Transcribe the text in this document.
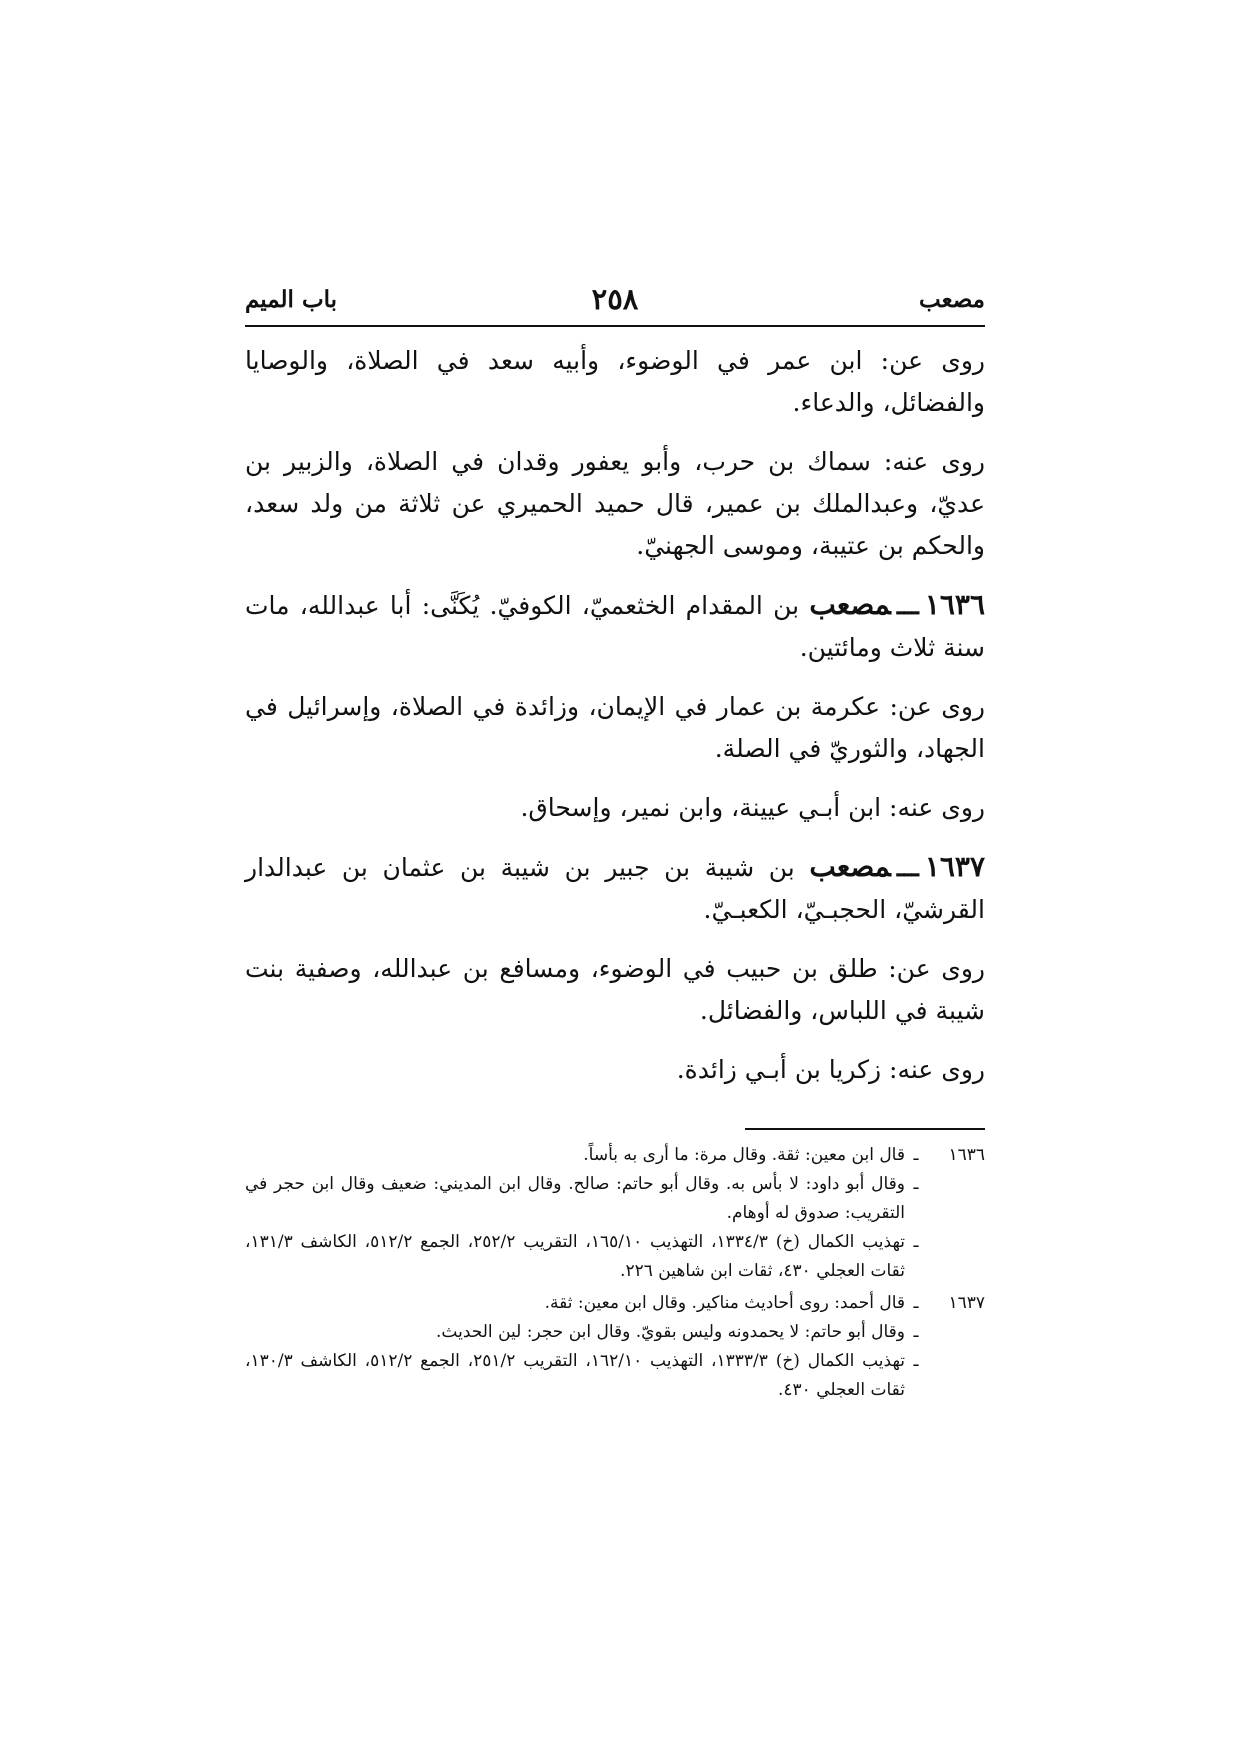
مصعب
٢٥٨
باب الميم

روى عن: ابن عمر في الوضوء، وأبيه سعد في الصلاة، والوصايا والفضائل، والدعاء.

روى عنه: سماك بن حرب، وأبو يعفور وقدان في الصلاة، والزبير بن عديّ، وعبدالملك بن عمير، قال حميد الحميري عن ثلاثة من ولد سعد، والحكم بن عتيبة، وموسى الجهنيّ.

١٦٣٦ـــمصعب بن المقدام الخثعميّ، الكوفيّ. يُكَنَّى: أبا عبدالله، مات سنة ثلاث ومائتين.

روى عن: عكرمة بن عمار في الإيمان، وزائدة في الصلاة، وإسرائيل في الجهاد، والثوريّ في الصلة.

روى عنه: ابن أبـي عيينة، وابن نمير، وإسحاق.

١٦٣٧ـــمصعب بن شيبة بن جبير بن شيبة بن عثمان بن عبدالدار القرشيّ، الحجبـيّ، الكعبـيّ.

روى عن: طلق بن حبيب في الوضوء، ومسافع بن عبدالله، وصفية بنت شيبة في اللباس، والفضائل.

روى عنه: زكريا بن أبـي زائدة.

١٦٣٦
ـ
قال ابن معين: ثقة. وقال مرة: ما أرى به بأساً.
ـ
وقال أبو داود: لا بأس به. وقال أبو حاتم: صالح. وقال ابن المديني: ضعيف وقال ابن حجر في التقريب: صدوق له أوهام.
ـ
تهذيب الكمال (خ) ١٣٣٤/٣، التهذيب ١٦٥/١٠، التقريب ٢٥٢/٢، الجمع ٥١٢/٢، الكاشف ١٣١/٣، ثقات العجلي ٤٣٠، ثقات ابن شاهين ٢٢٦.
١٦٣٧
ـ
قال أحمد: روى أحاديث مناكير. وقال ابن معين: ثقة.
ـ
وقال أبو حاتم: لا يحمدونه وليس بقويّ. وقال ابن حجر: لين الحديث.
ـ
تهذيب الكمال (خ) ١٣٣٣/٣، التهذيب ١٦٢/١٠، التقريب ٢٥١/٢، الجمع ٥١٢/٢، الكاشف ١٣٠/٣، ثقات العجلي ٤٣٠.
